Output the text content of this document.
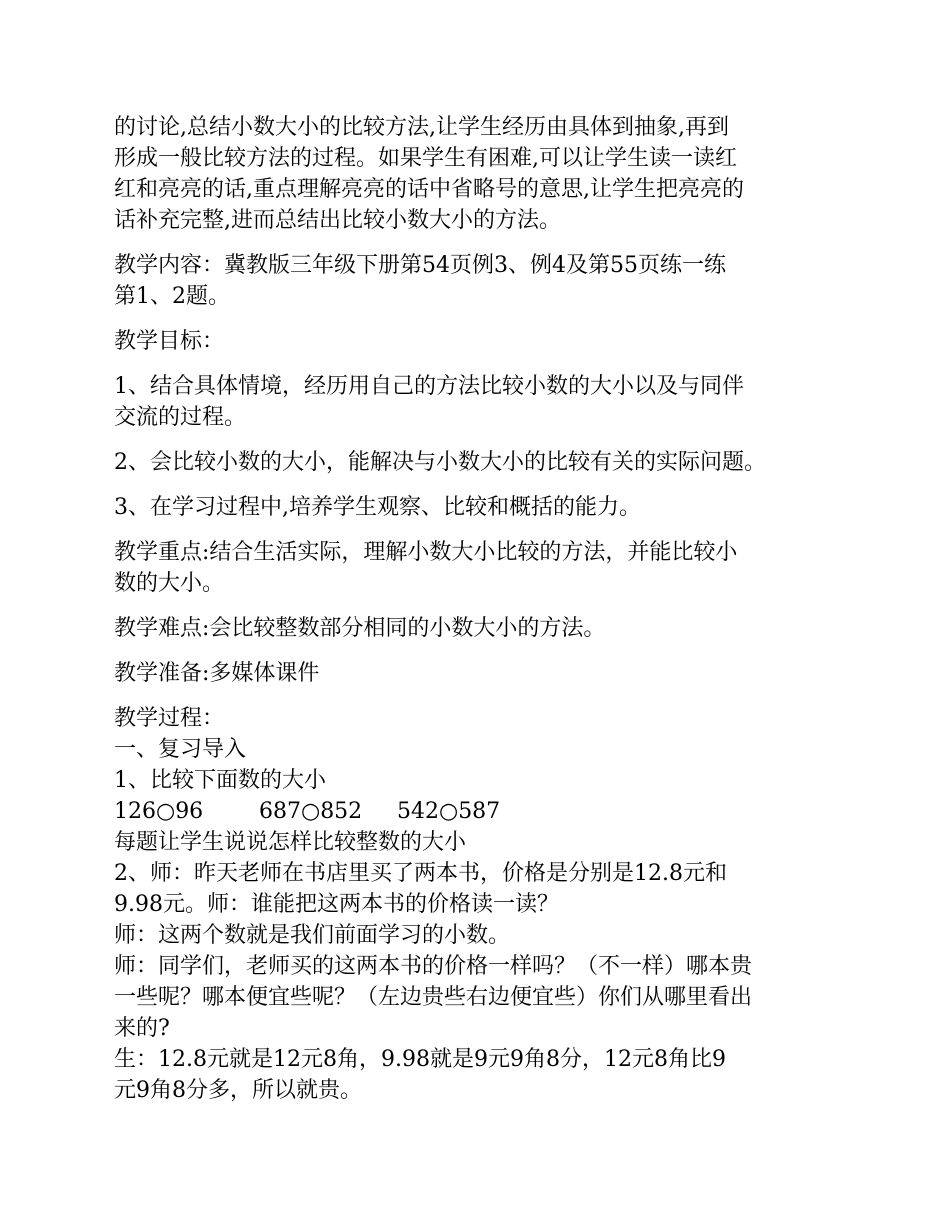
的讨论,总结小数大小的比较方法,让学生经历由具体到抽象,再到

形成一般比较方法的过程。如果学生有困难,可以让学生读一读红

红和亮亮的话,重点理解亮亮的话中省略号的意思,让学生把亮亮的

话补充完整,进而总结出比较小数大小的方法。

教学内容：冀教版三年级下册第54页例3、例4及第55页练一练

第1、2题。

教学目标：

1、结合具体情境，经历用自己的方法比较小数的大小以及与同伴

交流的过程。

2、会比较小数的大小，能解决与小数大小的比较有关的实际问题。

3、在学习过程中,培养学生观察、比较和概括的能力。

教学重点:结合生活实际，理解小数大小比较的方法，并能比较小

数的大小。

教学难点:会比较整数部分相同的小数大小的方法。

教学准备:多媒体课件

教学过程：

一、复习导入

1、比较下面数的大小

126○96	687○852 542○587

每题让学生说说怎样比较整数的大小

2、师：昨天老师在书店里买了两本书，价格是分别是12.8元和

9.98元。师：谁能把这两本书的价格读一读？

师：这两个数就是我们前面学习的小数。

师：同学们，老师买的这两本书的价格一样吗？（不一样）哪本贵

一些呢？哪本便宜些呢？（左边贵些右边便宜些）你们从哪里看出

来的?

生：12.8元就是12元8角，9.98就是9元9角8分，12元8角比9

元9角8分多，所以就贵。
